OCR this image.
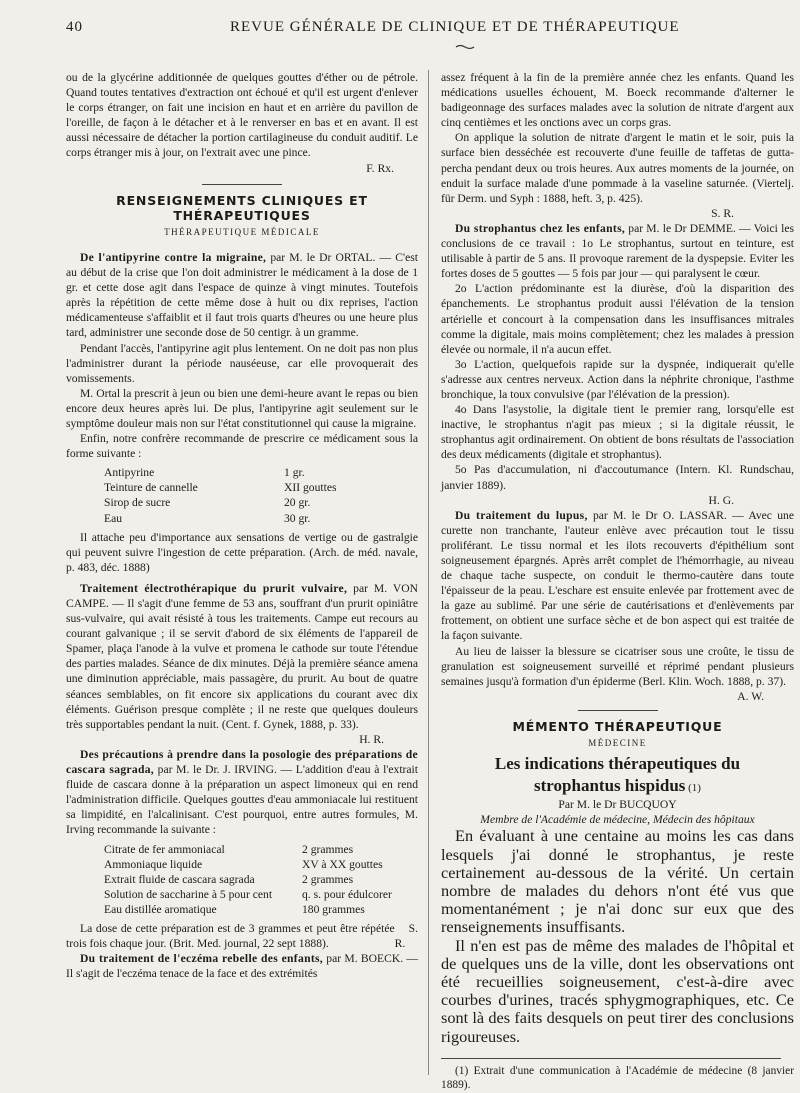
40	REVUE GÉNÉRALE DE CLINIQUE ET DE THÉRAPEUTIQUE

ou de la glycérine additionnée de quelques gouttes d'éther ou de pétrole. Quand toutes tentatives d'extraction ont échoué et qu'il est urgent d'enlever le corps étranger, on fait une incision en haut et en arrière du pavillon de l'oreille, de façon à le détacher et à le renverser en bas et en avant. Il est aussi nécessaire de détacher la portion cartilagineuse du conduit auditif. Le corps étranger mis à jour, on l'extrait avec une pince.

F. Rx.
RENSEIGNEMENTS CLINIQUES ET THÉRAPEUTIQUES
THÉRAPEUTIQUE MÉDICALE

De l'antipyrine contre la migraine, par M. le Dr ORTAL. — C'est au début de la crise que l'on doit administrer le médicament à la dose de 1 gr. et cette dose agit dans l'espace de quinze à vingt minutes. Toutefois après la répétition de cette même dose à huit ou dix reprises, l'action médicamenteuse s'affaiblit et il faut trois quarts d'heures ou une heure plus tard, administrer une seconde dose de 50 centigr. à un gramme.

Pendant l'accès, l'antipyrine agit plus lentement. On ne doit pas non plus l'administrer durant la période nauséeuse, car elle provoquerait des vomissements.

M. Ortal la prescrit à jeun ou bien une demi-heure avant le repas ou bien encore deux heures après lui. De plus, l'antipyrine agit seulement sur le symptôme douleur mais non sur l'état constitutionnel qui cause la migraine.

Enfin, notre confrère recommande de prescrire ce médicament sous la forme suivante :

Antipyrine	1 gr.
Teinture de cannelle	XII gouttes
Sirop de sucre	20 gr.
Eau	30 gr.

Il attache peu d'importance aux sensations de vertige ou de gastralgie qui peuvent suivre l'ingestion de cette préparation. (Arch. de méd. navale, p. 483, déc. 1888)

Traitement électrothérapique du prurit vulvaire, par M. VON CAMPE. — Il s'agit d'une femme de 53 ans, souffrant d'un prurit opiniâtre sus-vulvaire, qui avait résisté à tous les traitements. Campe eut recours au courant galvanique ; il se servit d'abord de six éléments de l'appareil de Spamer, plaça l'anode à la vulve et promena le cathode sur toute l'étendue des parties malades. Séance de dix minutes. Déjà la première séance amena une diminution appréciable, mais passagère, du prurit. Au bout de quatre séances semblables, on fit encore six applications du courant avec dix éléments. Guérison presque complète ; il ne reste que quelques douleurs très supportables pendant la nuit. (Cent. f. Gynek, 1888, p. 33).

H. R.

Des précautions à prendre dans la posologie des préparations de cascara sagrada, par M. le Dr. J. IRVING. — L'addition d'eau à l'extrait fluide de cascara donne à la préparation un aspect limoneux qui en rend l'administration difficile. Quelques gouttes d'eau ammoniacale lui restituent sa limpidité, en l'alcalinisant. C'est pourquoi, entre autres formules, M. Irving recommande la suivante :

Citrate de fer ammoniacal	2 grammes
Ammoniaque liquide	XV à XX gouttes
Extrait fluide de cascara sagrada	2 grammes
Solution de saccharine à 5 pour cent	q. s. pour édulcorer
Eau distillée aromatique	180 grammes

La dose de cette préparation est de 3 grammes et peut être répétée trois fois chaque jour. (Brit. Med. journal, 22 sept 1888).
S. R.

Du traitement de l'eczéma rebelle des enfants, par M. BOECK. — Il s'agit de l'eczéma tenace de la face et des extrémités

assez fréquent à la fin de la première année chez les enfants. Quand les médications usuelles échouent, M. Boeck recommande d'alterner le badigeonnage des surfaces malades avec la solution de nitrate d'argent aux cinq centièmes et les onctions avec un corps gras.

On applique la solution de nitrate d'argent le matin et le soir, puis la surface bien desséchée est recouverte d'une feuille de taffetas de gutta-percha pendant deux ou trois heures. Aux autres moments de la journée, on enduit la surface malade d'une pommade à la vaseline saturnée. (Viertelj. für Derm. und Syph : 1888, heft. 3, p. 425).

S. R.

Du strophantus chez les enfants, par M. le Dr DEMME. — Voici les conclusions de ce travail : 1o Le strophantus, surtout en teinture, est utilisable à partir de 5 ans. Il provoque rarement de la dyspepsie. Eviter les fortes doses de 5 gouttes — 5 fois par jour — qui paralysent le cœur.

2o L'action prédominante est la diurèse, d'où la disparition des épanchements. Le strophantus produit aussi l'élévation de la tension artérielle et concourt à la compensation dans les insuffisances mitrales comme la digitale, mais moins complètement; chez les malades à pression élevée ou normale, il n'a aucun effet.

3o L'action, quelquefois rapide sur la dyspnée, indiquerait qu'elle s'adresse aux centres nerveux. Action dans la néphrite chronique, l'asthme bronchique, la toux convulsive (par l'élévation de la pression).

4o Dans l'asystolie, la digitale tient le premier rang, lorsqu'elle est inactive, le strophantus n'agit pas mieux ; si la digitale réussit, le strophantus agit ordinairement. On obtient de bons résultats de l'association des deux médicaments (digitale et strophantus).

5o Pas d'accumulation, ni d'accoutumance (Intern. Kl. Rundschau, janvier 1889).

H. G.

Du traitement du lupus, par M. le Dr O. LASSAR. — Avec une curette non tranchante, l'auteur enlève avec précaution tout le tissu proliférant. Le tissu normal et les ilots recouverts d'épithélium sont soigneusement épargnés. Après arrêt complet de l'hémorrhagie, au niveau de chaque tache suspecte, on conduit le thermo-cautère dans toute l'épaisseur de la peau. L'eschare est ensuite enlevée par frottement avec de la gaze au sublimé. Par une série de cautérisations et d'enlèvements par frottement, on obtient une surface sèche et de bon aspect qui est traitée de la façon suivante.

Au lieu de laisser la blessure se cicatriser sous une croûte, le tissu de granulation est soigneusement surveillé et réprimé pendant plusieurs semaines jusqu'à formation d'un épiderme (Berl. Klin. Woch. 1888, p. 37).

A. W.
MÉMENTO THÉRAPEUTIQUE
MÉDECINE
Les indications thérapeutiques du
strophantus hispidus (1)
Par M. le Dr BUCQUOY
Membre de l'Académie de médecine, Médecin des hôpitaux

En évaluant à une centaine au moins les cas dans lesquels j'ai donné le strophantus, je reste certainement au-dessous de la vérité. Un certain nombre de malades du dehors n'ont été vus que momentanément ; je n'ai donc sur eux que des renseignements insuffisants.

Il n'en est pas de même des malades de l'hôpital et de quelques uns de la ville, dont les observations ont été recueillies soigneusement, c'est-à-dire avec courbes d'urines, tracés sphygmographiques, etc. Ce sont là des faits desquels on peut tirer des conclusions rigoureuses.

(1) Extrait d'une communication à l'Académie de médecine (8 janvier 1889).
